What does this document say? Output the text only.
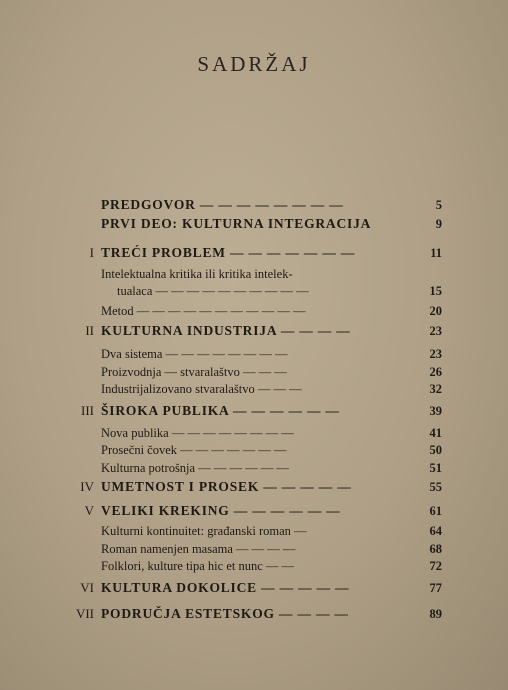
SADRŽAJ
PREDGOVOR — — — — — — — —	5
PRVI DEO: KULTURNA INTEGRACIJA	9
I TREĆI PROBLEM — — — — — — —	11
Intelektualna kritika ili kritika intelek-
tualaca — — — — — — — — — —	15
Metod — — — — — — — — — — —	20
II KULTURNA INDUSTRIJA — — — —	23
Dva sistema — — — — — — — —	23
Proizvodnja — stvaralaštvo — — —	26
Industrijalizovano stvaralaštvo — — —	32
III ŠIROKA PUBLIKA — — — — — —	39
Nova publika — — — — — — — —	41
Prosečni čovek — — — — — — —	50
Kulturna potrošnja — — — — — —	51
IV UMETNOST I PROSEK — — — — —	55
V VELIKI KREKING — — — — — —	61
Kulturni kontinuitet: građanski roman —	64
Roman namenjen masama — — — —	68
Folklori, kulture tipa hic et nunc — —	72
VI KULTURA DOKOLICE — — — — —	77
VII PODRUČJA ESTETSKOG — — — —	89
